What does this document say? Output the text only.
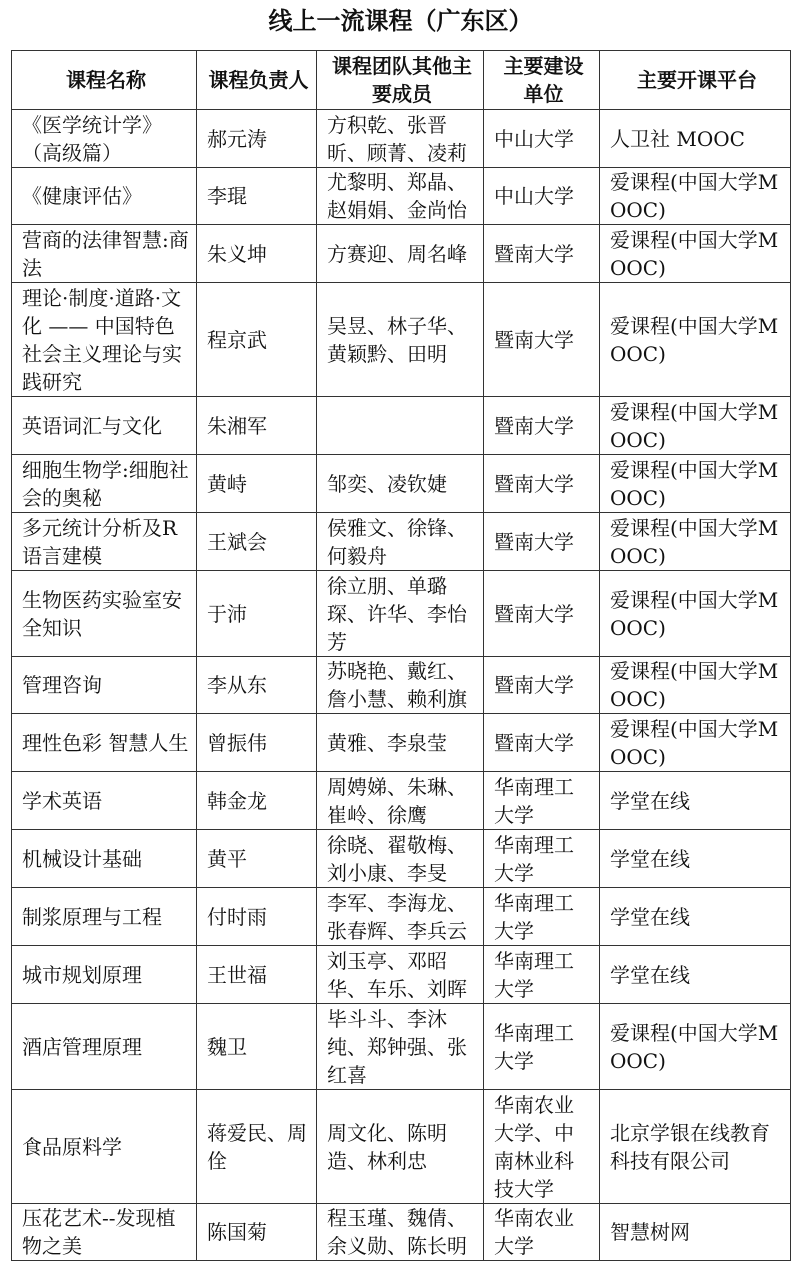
线上一流课程（广东区）
课程名称	课程负责人	课程团队其他主要成员	主要建设单位	主要开课平台
《医学统计学》（高级篇）	郝元涛	方积乾、张晋昕、顾菁、凌莉	中山大学	人卫社 MOOC
《健康评估》	李琨	尤黎明、郑晶、赵娟娟、金尚怡	中山大学	爱课程(中国大学MOOC)
营商的法律智慧:商法	朱义坤	方赛迎、周名峰	暨南大学	爱课程(中国大学MOOC)
理论·制度·道路·文化 —— 中国特色社会主义理论与实践研究	程京武	吴昱、林子华、黄颖黔、田明	暨南大学	爱课程(中国大学MOOC)
英语词汇与文化	朱湘军		暨南大学	爱课程(中国大学MOOC)
细胞生物学:细胞社会的奥秘	黄峙	邹奕、凌钦婕	暨南大学	爱课程(中国大学MOOC)
多元统计分析及R 语言建模	王斌会	侯雅文、徐锋、何毅舟	暨南大学	爱课程(中国大学MOOC)
生物医药实验室安全知识	于沛	徐立朋、单璐琛、许华、李怡芳	暨南大学	爱课程(中国大学MOOC)
管理咨询	李从东	苏晓艳、戴红、詹小慧、赖利旗	暨南大学	爱课程(中国大学MOOC)
理性色彩 智慧人生	曾振伟	黄雅、李泉莹	暨南大学	爱课程(中国大学MOOC)
学术英语	韩金龙	周娉娣、朱琳、崔岭、徐鹰	华南理工大学	学堂在线
机械设计基础	黄平	徐晓、翟敬梅、刘小康、李旻	华南理工大学	学堂在线
制浆原理与工程	付时雨	李军、李海龙、张春辉、李兵云	华南理工大学	学堂在线
城市规划原理	王世福	刘玉亭、邓昭华、车乐、刘晖	华南理工大学	学堂在线
酒店管理原理	魏卫	毕斗斗、李沐纯、郑钟强、张红喜	华南理工大学	爱课程(中国大学MOOC)
食品原料学	蒋爱民、周佺	周文化、陈明造、林利忠	华南农业大学、中南林业科技大学	北京学银在线教育科技有限公司
压花艺术--发现植物之美	陈国菊	程玉瑾、魏倩、余义勋、陈长明	华南农业大学	智慧树网
